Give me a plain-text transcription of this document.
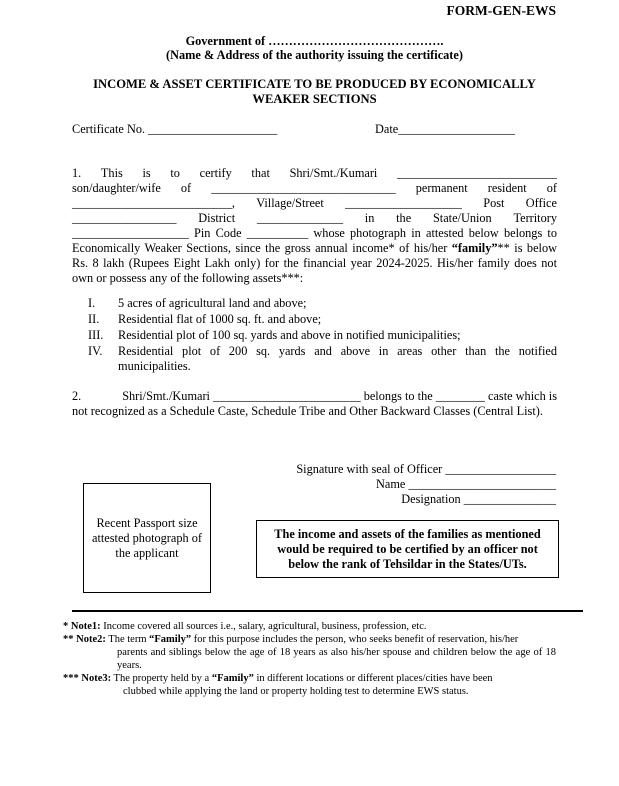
FORM-GEN-EWS
Government of …………………………………….
(Name & Address of the authority issuing the certificate)
INCOME & ASSET CERTIFICATE TO BE PRODUCED BY ECONOMICALLY WEAKER SECTIONS
Certificate No. _____________________	Date___________________
1. This is to certify that Shri/Smt./Kumari __________________________
son/daughter/wife of ______________________________ permanent resident of
__________________________, Village/Street ___________________ Post Office
_________________ District ______________ in the State/Union Territory
___________________ Pin Code __________ whose photograph in attested below belongs to Economically Weaker Sections, since the gross annual income* of his/her “family”** is below Rs. 8 lakh (Rupees Eight Lakh only) for the financial year 2024-2025. His/her family does not own or possess any of the following assets***:
I.	5 acres of agricultural land and above;
II.	Residential flat of 1000 sq. ft. and above;
III.	Residential plot of 100 sq. yards and above in notified municipalities;
IV.	Residential plot of 200 sq. yards and above in areas other than the notified municipalities.
2.	Shri/Smt./Kumari ________________________ belongs to the ________ caste which is
not recognized as a Schedule Caste, Schedule Tribe and Other Backward Classes (Central List).
Signature with seal of Officer __________________
Name ________________________
Designation _______________
Recent Passport size attested photograph of the applicant
The income and assets of the families as mentioned would be required to be certified by an officer not below the rank of Tehsildar in the States/UTs.
* Note1: Income covered all sources i.e., salary, agricultural, business, profession, etc.
** Note2: The term “Family” for this purpose includes the person, who seeks benefit of reservation, his/her
parents and siblings below the age of 18 years as also his/her spouse and children below the age of 18 years.
*** Note3: The property held by a “Family” in different locations or different places/cities have been
clubbed while applying the land or property holding test to determine EWS status.
